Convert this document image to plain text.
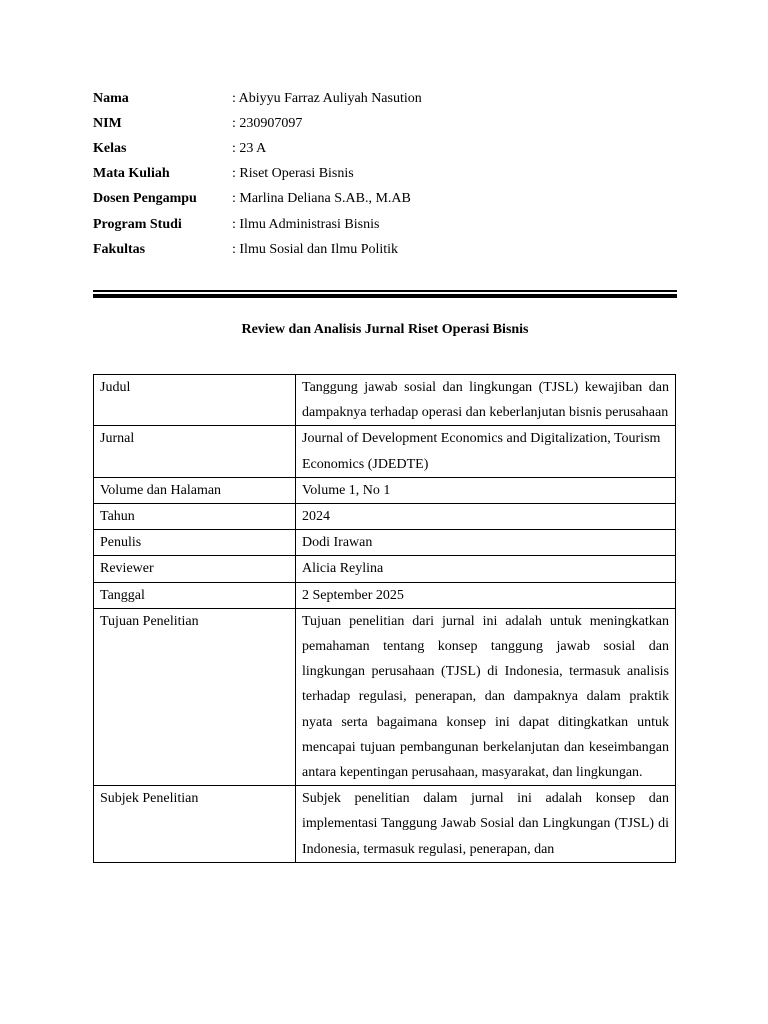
Nama	: Abiyyu Farraz Auliyah Nasution
NIM	: 230907097
Kelas	: 23 A
Mata Kuliah	: Riset Operasi Bisnis
Dosen Pengampu	: Marlina Deliana S.AB., M.AB
Program Studi	: Ilmu Administrasi Bisnis
Fakultas	: Ilmu Sosial dan Ilmu Politik
Review dan Analisis Jurnal Riset Operasi Bisnis
Judul	Tanggung jawab sosial dan lingkungan (TJSL) kewajiban dan dampaknya terhadap operasi dan keberlanjutan bisnis perusahaan
Jurnal	Journal of Development Economics and Digitalization, Tourism Economics (JDEDTE)
Volume dan Halaman	Volume 1, No 1
Tahun	2024
Penulis	Dodi Irawan
Reviewer	Alicia Reylina
Tanggal	2 September 2025
Tujuan Penelitian	Tujuan penelitian dari jurnal ini adalah untuk meningkatkan pemahaman tentang konsep tanggung jawab sosial dan lingkungan perusahaan (TJSL) di Indonesia, termasuk analisis terhadap regulasi, penerapan, dan dampaknya dalam praktik nyata serta bagaimana konsep ini dapat ditingkatkan untuk mencapai tujuan pembangunan berkelanjutan dan keseimbangan antara kepentingan perusahaan, masyarakat, dan lingkungan.
Subjek Penelitian	Subjek penelitian dalam jurnal ini adalah konsep dan implementasi Tanggung Jawab Sosial dan Lingkungan (TJSL) di Indonesia, termasuk regulasi, penerapan, dan
